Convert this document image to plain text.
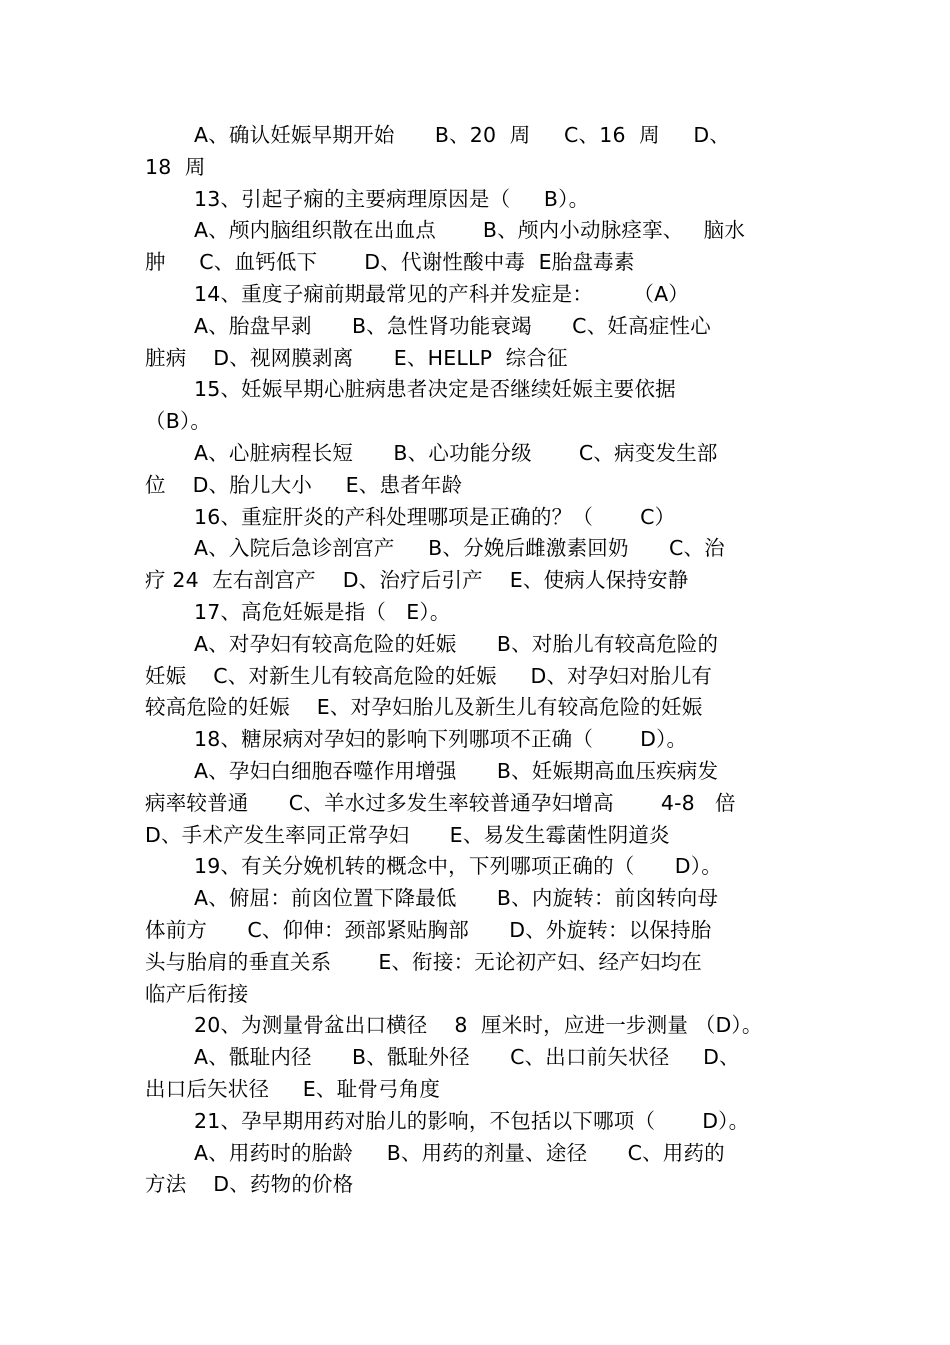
A、确认妊娠早期开始      B、20  周     C、16  周     D、
18  周
13、引起子痫的主要病理原因是（     B）。
A、颅内脑组织散在出血点       B、颅内小动脉痉挛、   脑水
肿     C、血钙低下       D、代谢性酸中毒  E胎盘毒素
14、重度子痫前期最常见的产科并发症是：      （A）
A、胎盘早剥      B、急性肾功能衰竭      C、妊高症性心
脏病    D、视网膜剥离      E、HELLP  综合征
15、妊娠早期心脏病患者决定是否继续妊娠主要依据
（B）。
A、心脏病程长短      B、心功能分级       C、病变发生部
位    D、胎儿大小     E、患者年龄
16、重症肝炎的产科处理哪项是正确的？（       C）
A、入院后急诊剖宫产     B、分娩后雌激素回奶      C、治
疗 24  左右剖宫产    D、治疗后引产    E、使病人保持安静
17、高危妊娠是指（   E）。
A、对孕妇有较高危险的妊娠      B、对胎儿有较高危险的
妊娠    C、对新生儿有较高危险的妊娠     D、对孕妇对胎儿有
较高危险的妊娠    E、对孕妇胎儿及新生儿有较高危险的妊娠
18、糖尿病对孕妇的影响下列哪项不正确（       D）。
A、孕妇白细胞吞噬作用增强      B、妊娠期高血压疾病发
病率较普通      C、羊水过多发生率较普通孕妇增高       4-8   倍
D、手术产发生率同正常孕妇      E、易发生霉菌性阴道炎
19、有关分娩机转的概念中，下列哪项正确的（      D）。
A、俯屈：前囟位置下降最低      B、内旋转：前囟转向母
体前方      C、仰伸：颈部紧贴胸部      D、外旋转：以保持胎
头与胎肩的垂直关系       E、衔接：无论初产妇、经产妇均在
临产后衔接
20、为测量骨盆出口横径    8  厘米时，应进一步测量 （D）。
A、骶耻内径      B、骶耻外径      C、出口前矢状径     D、
出口后矢状径     E、耻骨弓角度
21、孕早期用药对胎儿的影响，不包括以下哪项（       D）。
A、用药时的胎龄     B、用药的剂量、途径      C、用药的
方法    D、药物的价格
